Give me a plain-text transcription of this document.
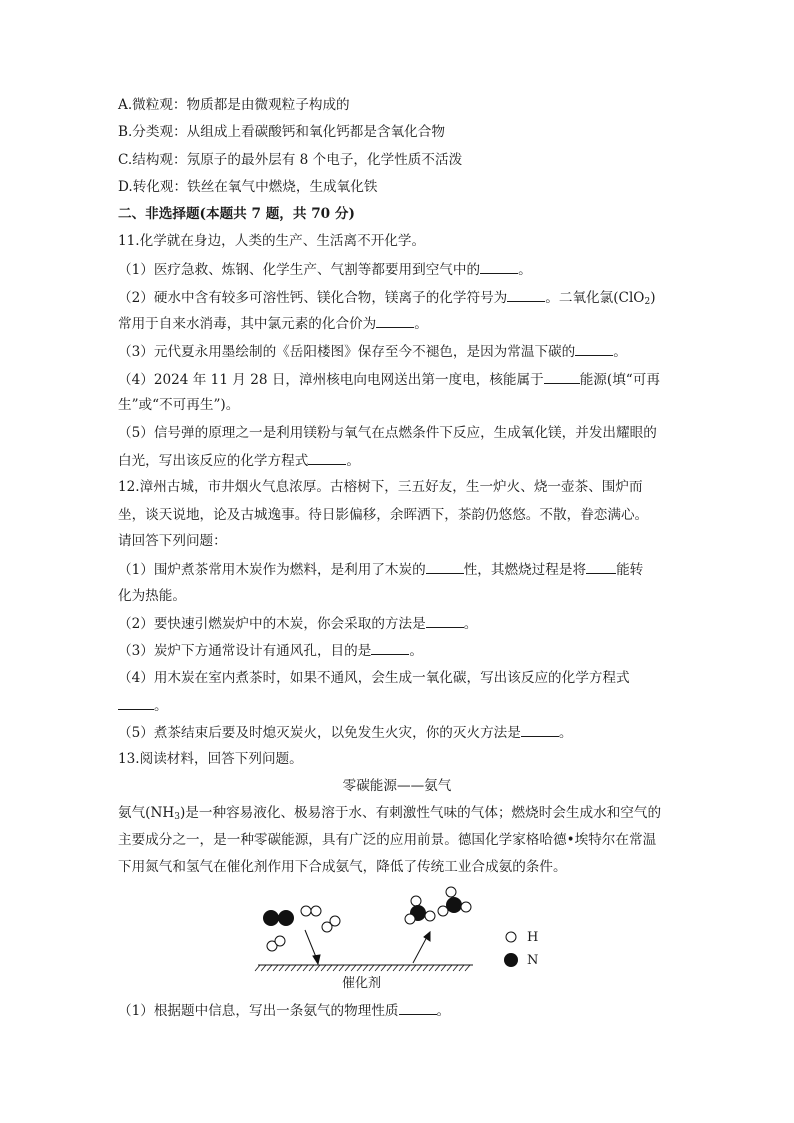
A.微粒观：物质都是由微观粒子构成的
B.分类观：从组成上看碳酸钙和氧化钙都是含氧化合物
C.结构观：氖原子的最外层有 8 个电子，化学性质不活泼
D.转化观：铁丝在氧气中燃烧，生成氧化铁
二、非选择题(本题共 7 题，共 70 分)
11.化学就在身边，人类的生产、生活离不开化学。
（1）医疗急救、炼钢、化学生产、气割等都要用到空气中的	。
（2）硬水中含有较多可溶性钙、镁化合物，镁离子的化学符号为	。二氧化氯(ClO$_2$)
常用于自来水消毒，其中氯元素的化合价为	。
（3）元代夏永用墨绘制的《岳阳楼图》保存至今不褪色，是因为常温下碳的	。
（4）2024 年 11 月 28 日，漳州核电向电网送出第一度电，核能属于	能源(填“可再
生”或“不可再生”)。
（5）信号弹的原理之一是利用镁粉与氧气在点燃条件下反应，生成氧化镁，并发出耀眼的
白光，写出该反应的化学方程式	。
12.漳州古城，市井烟火气息浓厚。古榕树下，三五好友，生一炉火、烧一壶茶、围炉而
坐，谈天说地，论及古城逸事。待日影偏移，余晖洒下，茶韵仍悠悠。不散，眷恋满心。
请回答下列问题：
（1）围炉煮茶常用木炭作为燃料，是利用了木炭的	性，其燃烧过程是将 能转
化为热能。
（2）要快速引燃炭炉中的木炭，你会采取的方法是	。
（3）炭炉下方通常设计有通风孔，目的是	。
（4）用木炭在室内煮茶时，如果不通风，会生成一氧化碳，写出该反应的化学方程式
。
（5）煮茶结束后要及时熄灭炭火，以免发生火灾，你的灭火方法是	。
13.阅读材料，回答下列问题。
零碳能源——氨气
氨气$(NH_3)$是一种容易液化、极易溶于水、有刺激性气味的气体；燃烧时会生成水和空气的
主要成分之一，是一种零碳能源，具有广泛的应用前景。德国化学家格哈德•埃特尔在常温
下用氮气和氢气在催化剂作用下合成氨气，降低了传统工业合成氨的条件。
H
N
催化剂
（1）根据题中信息，写出一条氨气的物理性质	。
